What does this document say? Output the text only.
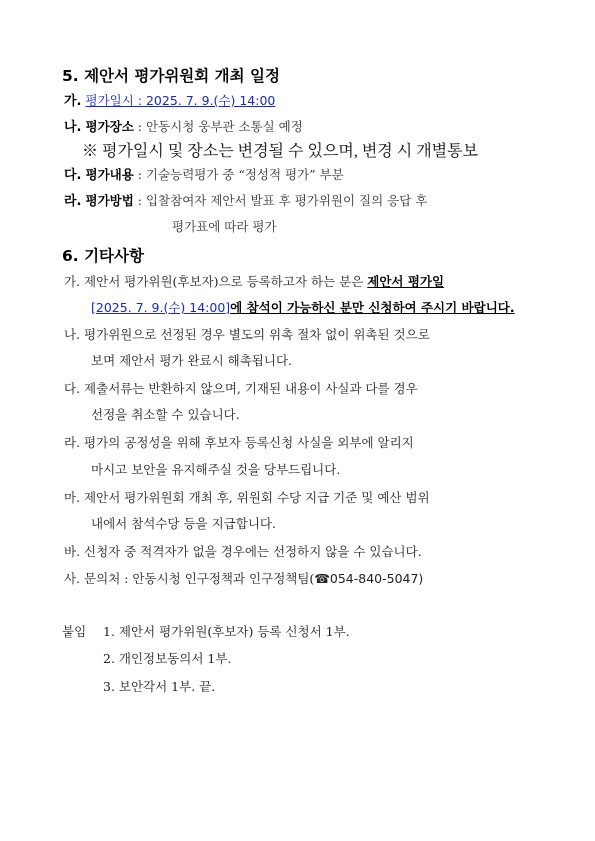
5. 제안서 평가위원회 개최 일정
가. 평가일시 : 2025. 7. 9.(수) 14:00
나. 평가장소 : 안동시청 웅부관 소통실 예정
※ 평가일시 및 장소는 변경될 수 있으며, 변경 시 개별통보
다. 평가내용 : 기술능력평가 중 “정성적 평가” 부분
라. 평가방법 : 입찰참여자 제안서 발표 후 평가위원이 질의 응답 후
평가표에 따라 평가
6. 기타사항
가. 제안서 평가위원(후보자)으로 등록하고자 하는 분은 제안서 평가일
[2025. 7. 9.(수) 14:00]에 참석이 가능하신 분만 신청하여 주시기 바랍니다.
나. 평가위원으로 선정된 경우 별도의 위촉 절차 없이 위촉된 것으로
보며 제안서 평가 완료시 해촉됩니다.
다. 제출서류는 반환하지 않으며, 기재된 내용이 사실과 다를 경우
선정을 취소할 수 있습니다.
라. 평가의 공정성을 위해 후보자 등록신청 사실을 외부에 알리지
마시고 보안을 유지해주실 것을 당부드립니다.
마. 제안서 평가위원회 개최 후, 위원회 수당 지급 기준 및 예산 범위
내에서 참석수당 등을 지급합니다.
바. 신청자 중 적격자가 없을 경우에는 선정하지 않을 수 있습니다.
사. 문의처 : 안동시청 인구정책과 인구정책팀(☎054-840-5047)
붙임 1. 제안서 평가위원(후보자) 등록 신청서 1부.
2. 개인정보동의서 1부.
3. 보안각서 1부. 끝.
